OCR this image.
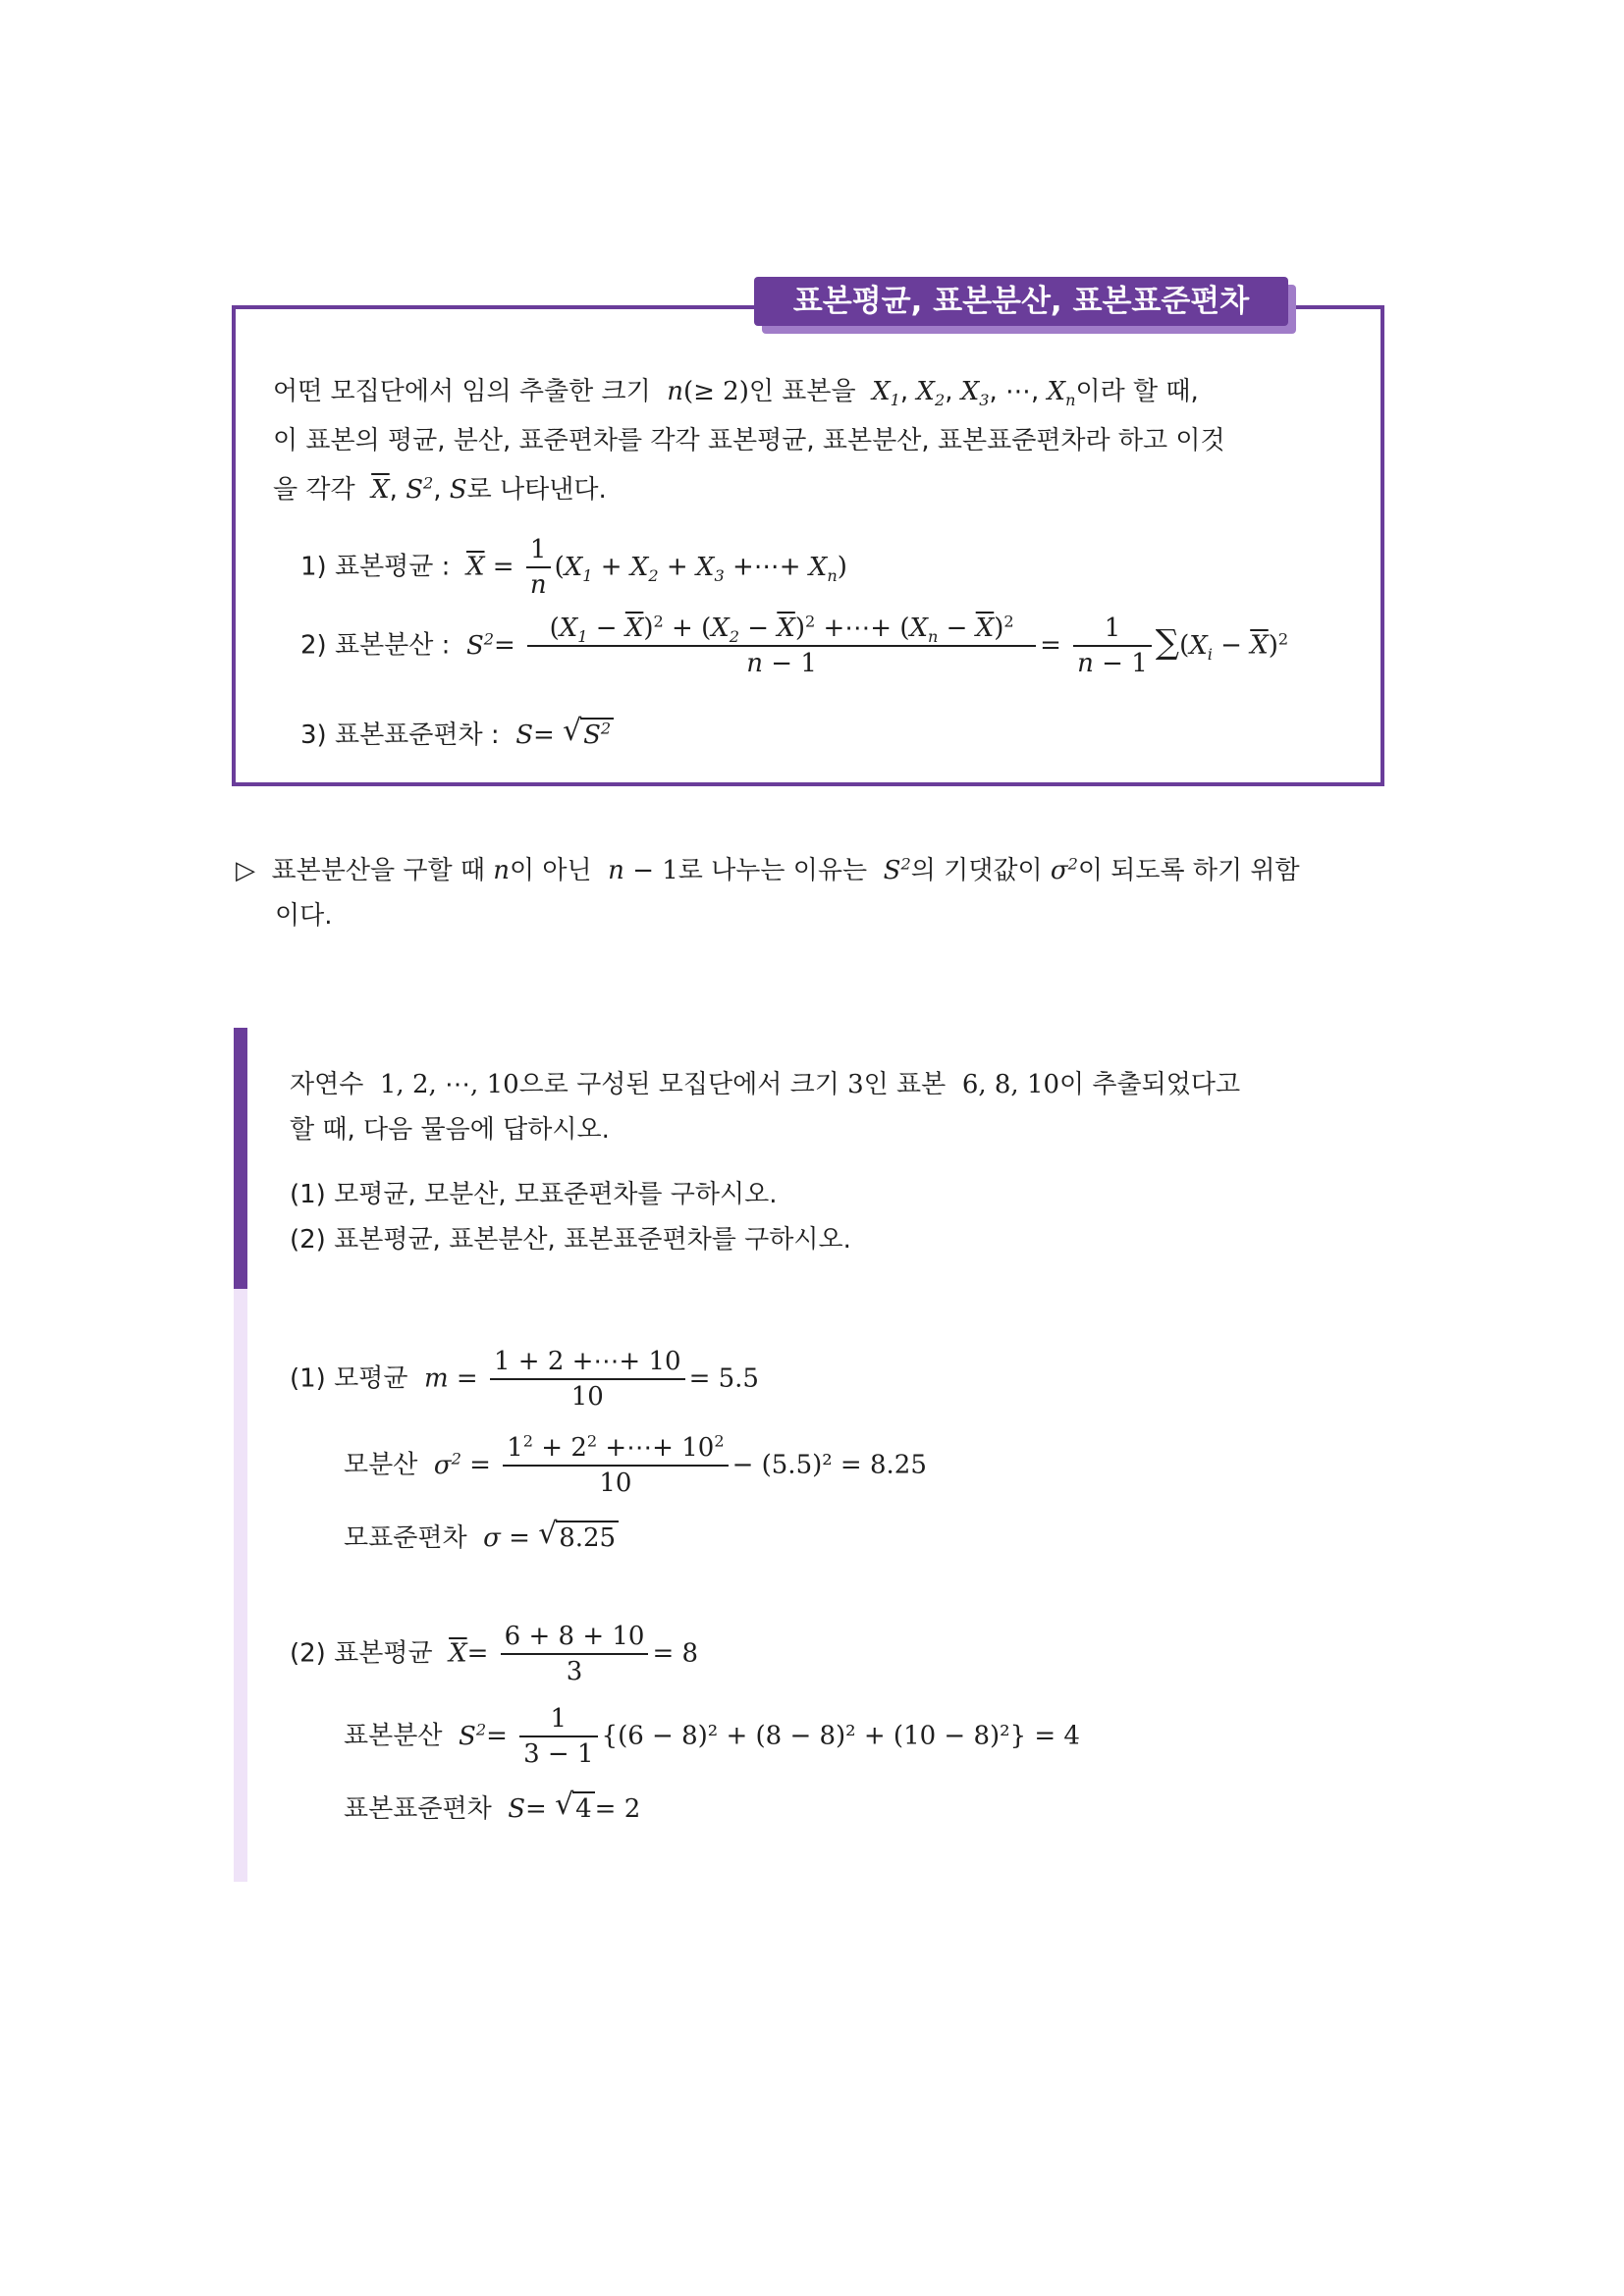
표본평균, 표본분산, 표본표준편차
어떤 모집단에서 임의 추출한 크기  n(≥ 2)인 표본을 $X_1$, $X_2$, $X_3$, ⋯, $X_n$이라 할 때,
이 표본의 평균, 분산, 표준편차를 각각 표본평균, 표본분산, 표본표준편차라 하고 이것
을 각각 $\overline{X}$, $S^2$, S로 나타낸다.
1) 표본평균 : $\overline{X} = \frac{1}{n} (X_1 + X_2 + X_3$ +⋯+ $X_n$)
2) 표본분산 : $S^2= \frac{(X_1 - \overline{X})^2 + (X_2 - \overline{X})^2 +\cdots+ (X_n - \overline{X})^2}{n - 1} = \frac{1}{n - 1} \sum(X_i - \overline{X})^2$
3) 표본표준편차 : S= √ $S^2$
▷ 표본분산을 구할 때 n이 아닌 n − 1로 나누는 이유는 $S^2$의 기댓값이 $\sigma^2$이 되도록 하기 위함
이다.
자연수 1, 2, ⋯, 10으로 구성된 모집단에서 크기 3인 표본 6, 8, 10이 추출되었다고
할 때, 다음 물음에 답하시오.
(1) 모평균, 모분산, 모표준편차를 구하시오.
(2) 표본평균, 표본분산, 표본표준편차를 구하시오.
(1) 모평균 $m = \frac{1 + 2 +\cdots+ 10}{10} = 5.5$
모분산 $\sigma^2 = \frac{1^2 + 2^2 +\cdots+ 10^2}{10} - (5.5)^2 = 8.25$
모표준편차 σ = √ 8.25
(2) 표본평균 $\overline{X}= \frac{6 + 8 + 10}{3} = 8$
표본분산 $S^2= \frac{1}{3 - 1} \{(6 - 8)^2 + (8 - 8)^2 + (10 - 8)^2\} = 4$
표본표준편차 S= √ 4 = 2
